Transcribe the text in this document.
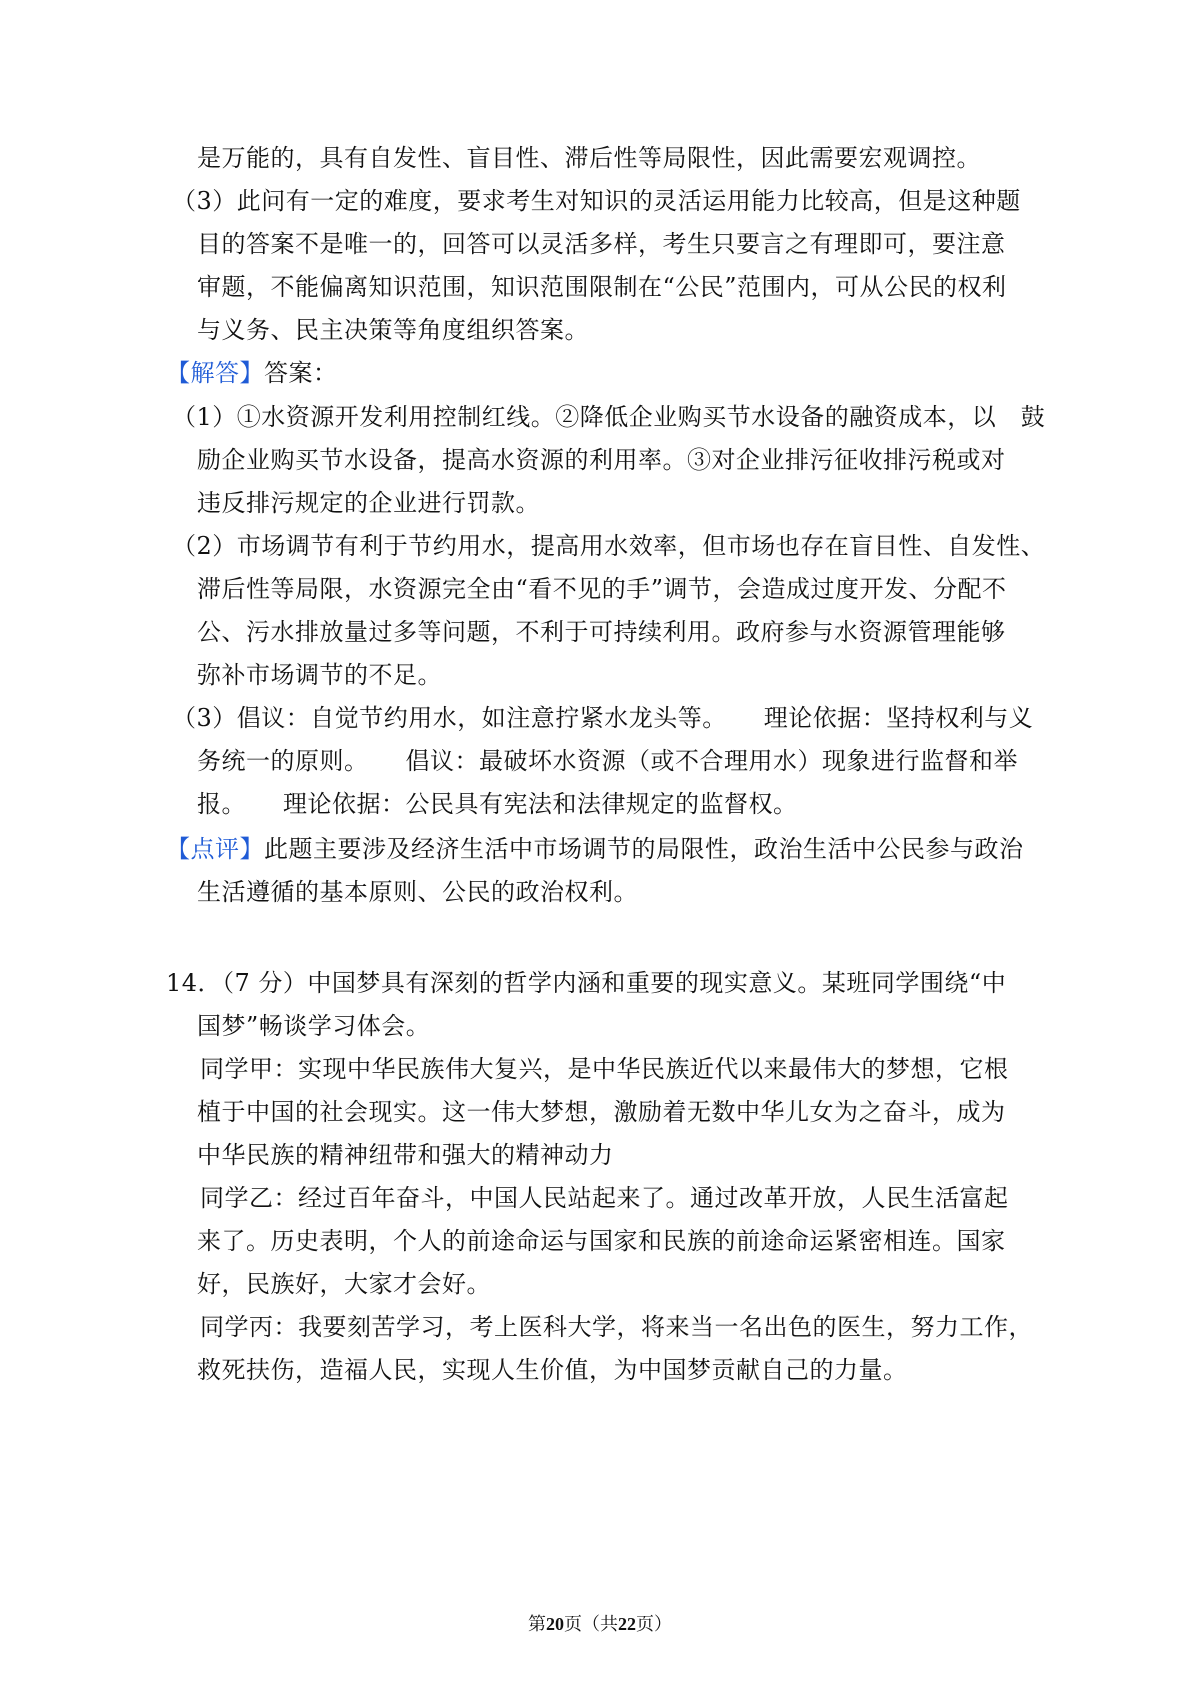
是万能的，具有自发性、盲目性、滞后性等局限性，因此需要宏观调控。
（3）此问有一定的难度，要求考生对知识的灵活运用能力比较高，但是这种题
目的答案不是唯一的，回答可以灵活多样，考生只要言之有理即可，要注意
审题，不能偏离知识范围，知识范围限制在“公民”范围内，可从公民的权利
与义务、民主决策等角度组织答案。
【解答】答案：
（1）①水资源开发利用控制红线。②降低企业购买节水设备的融资成本，以　鼓
励企业购买节水设备，提高水资源的利用率。③对企业排污征收排污税或对
违反排污规定的企业进行罚款。
（2）市场调节有利于节约用水，提高用水效率，但市场也存在盲目性、自发性、
滞后性等局限，水资源完全由“看不见的手”调节，会造成过度开发、分配不
公、污水排放量过多等问题，不利于可持续利用。政府参与水资源管理能够
弥补市场调节的不足。
（3）倡议：自觉节约用水，如注意拧紧水龙头等。　　理论依据：坚持权利与义
务统一的原则。　　倡议：最破坏水资源（或不合理用水）现象进行监督和举
报。　　理论依据：公民具有宪法和法律规定的监督权。
【点评】此题主要涉及经济生活中市场调节的局限性，政治生活中公民参与政治
生活遵循的基本原则、公民的政治权利。
14．（7 分）中国梦具有深刻的哲学内涵和重要的现实意义。某班同学围绕“中
国梦”畅谈学习体会。
同学甲：实现中华民族伟大复兴，是中华民族近代以来最伟大的梦想，它根
植于中国的社会现实。这一伟大梦想，激励着无数中华儿女为之奋斗，成为
中华民族的精神纽带和强大的精神动力
同学乙：经过百年奋斗，中国人民站起来了。通过改革开放，人民生活富起
来了。历史表明，个人的前途命运与国家和民族的前途命运紧密相连。国家
好，民族好，大家才会好。
同学丙：我要刻苦学习，考上医科大学，将来当一名出色的医生，努力工作，
救死扶伤，造福人民，实现人生价值，为中国梦贡献自己的力量。
第20页（共22页）
